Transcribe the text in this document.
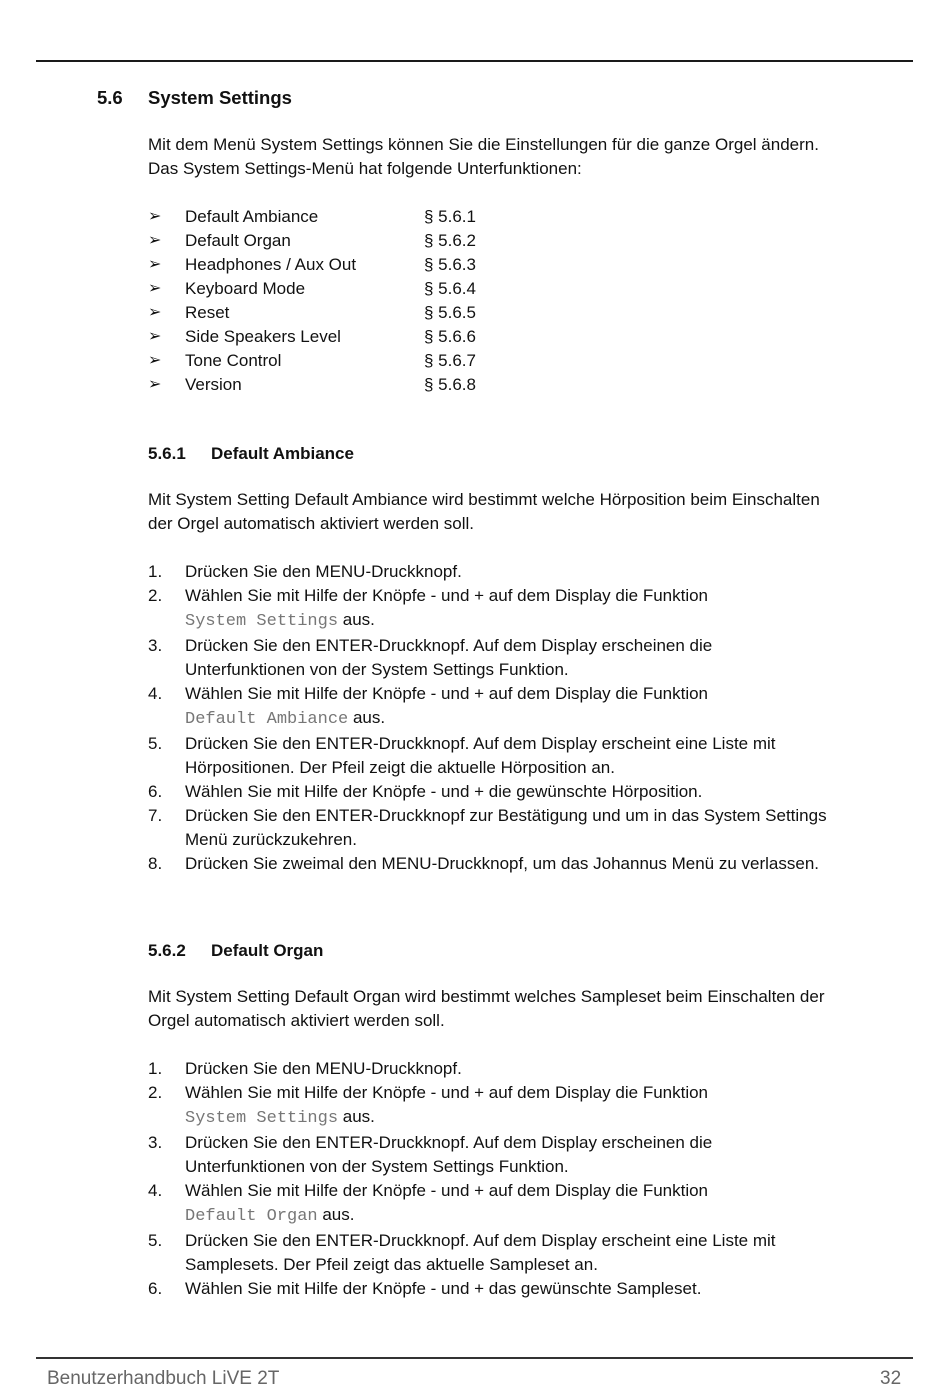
5.6 System Settings
Mit dem Menü System Settings können Sie die Einstellungen für die ganze Orgel ändern. Das System Settings-Menü hat folgende Unterfunktionen:
➢ Default Ambiance	§ 5.6.1
➢ Default Organ	§ 5.6.2
➢ Headphones / Aux Out	§ 5.6.3
➢ Keyboard Mode	§ 5.6.4
➢ Reset	§ 5.6.5
➢ Side Speakers Level	§ 5.6.6
➢ Tone Control	§ 5.6.7
➢ Version	§ 5.6.8
5.6.1 Default Ambiance
Mit System Setting Default Ambiance wird bestimmt welche Hörposition beim Einschalten der Orgel automatisch aktiviert werden soll.
1. Drücken Sie den MENU-Druckknopf.
2. Wählen Sie mit Hilfe der Knöpfe - und + auf dem Display die Funktion
System Settings aus.
3. Drücken Sie den ENTER-Druckknopf. Auf dem Display erscheinen die Unterfunktionen von der System Settings Funktion.
4. Wählen Sie mit Hilfe der Knöpfe - und + auf dem Display die Funktion
Default Ambiance aus.
5. Drücken Sie den ENTER-Druckknopf. Auf dem Display erscheint eine Liste mit Hörpositionen. Der Pfeil zeigt die aktuelle Hörposition an.
6. Wählen Sie mit Hilfe der Knöpfe - und + die gewünschte Hörposition.
7. Drücken Sie den ENTER-Druckknopf zur Bestätigung und um in das System Settings Menü zurückzukehren.
8. Drücken Sie zweimal den MENU-Druckknopf, um das Johannus Menü zu verlassen.
5.6.2 Default Organ
Mit System Setting Default Organ wird bestimmt welches Sampleset beim Einschalten der Orgel automatisch aktiviert werden soll.
1. Drücken Sie den MENU-Druckknopf.
2. Wählen Sie mit Hilfe der Knöpfe - und + auf dem Display die Funktion
System Settings aus.
3. Drücken Sie den ENTER-Druckknopf. Auf dem Display erscheinen die Unterfunktionen von der System Settings Funktion.
4. Wählen Sie mit Hilfe der Knöpfe - und + auf dem Display die Funktion
Default Organ aus.
5. Drücken Sie den ENTER-Druckknopf. Auf dem Display erscheint eine Liste mit Samplesets. Der Pfeil zeigt das aktuelle Sampleset an.
6. Wählen Sie mit Hilfe der Knöpfe - und + das gewünschte Sampleset.
Benutzerhandbuch LiVE 2T	32
